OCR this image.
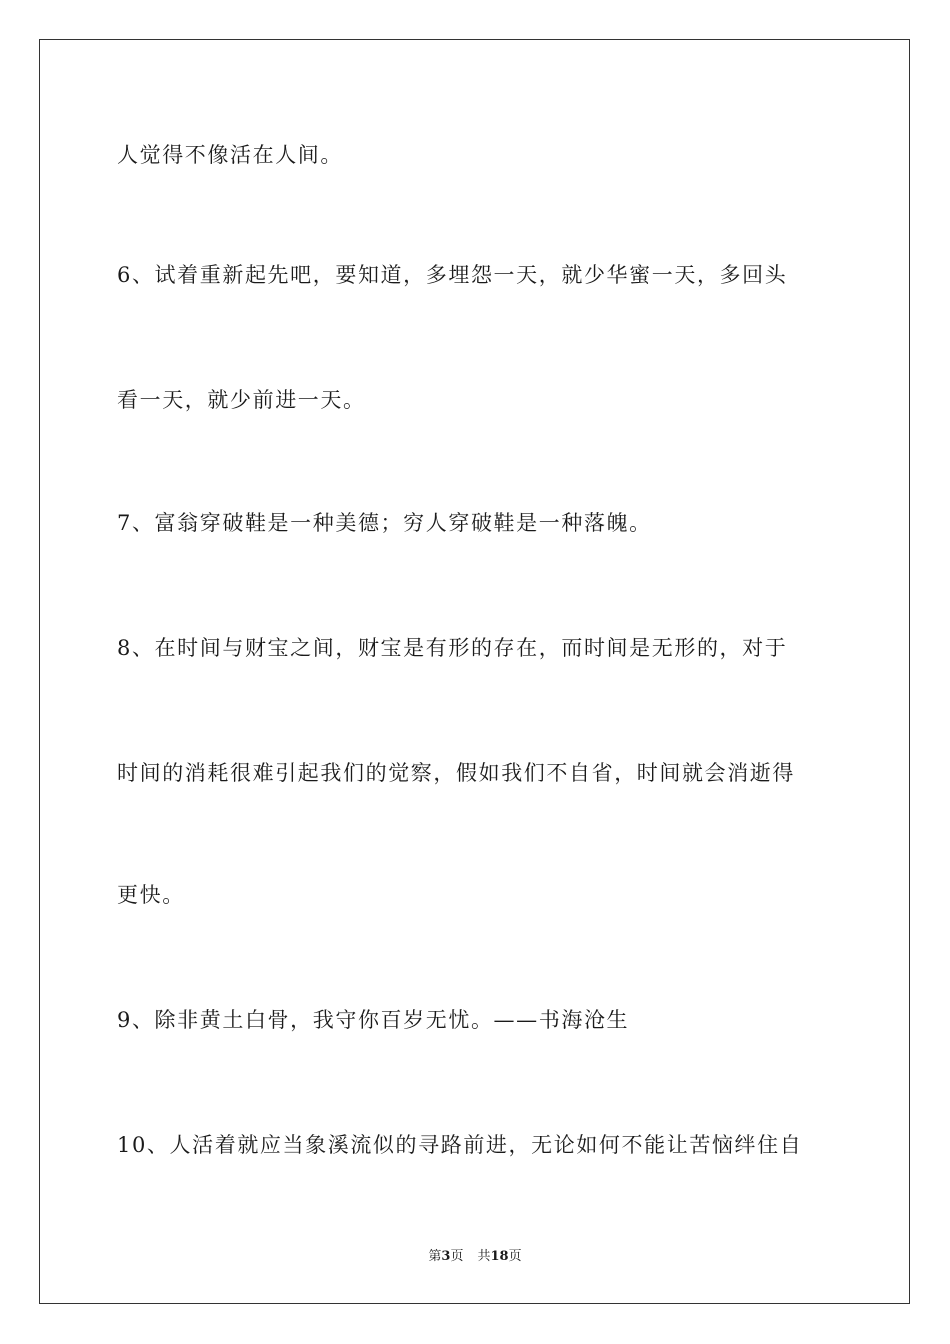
人觉得不像活在人间。
6、试着重新起先吧，要知道，多埋怨一天，就少华蜜一天，多回头
看一天，就少前进一天。
7、富翁穿破鞋是一种美德；穷人穿破鞋是一种落魄。
8、在时间与财宝之间，财宝是有形的存在，而时间是无形的，对于
时间的消耗很难引起我们的觉察，假如我们不自省，时间就会消逝得
更快。
9、除非黄土白骨，我守你百岁无忧。——书海沧生
10、人活着就应当象溪流似的寻路前进，无论如何不能让苦恼绊住自
第3页 共18页
